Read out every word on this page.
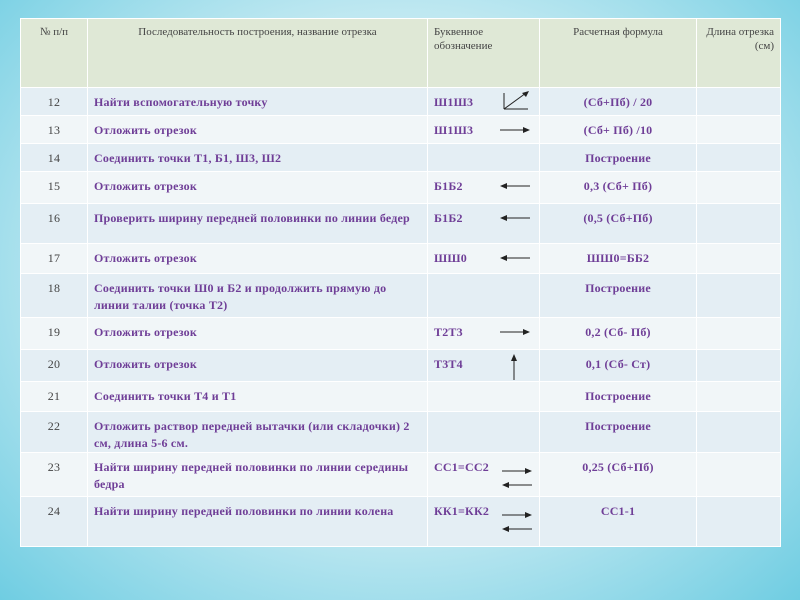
№ п/п	Последовательность построения, название отрезка	Буквенное обозначение	Расчетная формула	Длина отрезка (см)
12	Найти вспомогательную точку	Ш1Ш3	(Сб+Пб) / 20	
13	Отложить отрезок	Ш1Ш3	(Сб+ Пб) /10	
14	Соединить точки Т1, Б1, Ш3, Ш2		Построение	
15	Отложить отрезок	Б1Б2	0,3 (Сб+ Пб)	
16	Проверить ширину передней половинки по линии бедер	Б1Б2	(0,5 (Сб+Пб)	
17	Отложить отрезок	ШШ0	ШШ0=ББ2	
18	Соединить точки Ш0 и Б2 и продолжить прямую до линии талии (точка Т2)		Построение	
19	Отложить отрезок	Т2Т3	0,2 (Сб- Пб)	
20	Отложить отрезок	Т3Т4	0,1 (Сб- Ст)	
21	Соединить точки Т4 и Т1		Построение	
22	Отложить раствор передней вытачки (или складочки) 2 см, длина 5-6 см.		Построение	
23	Найти ширину передней половинки по линии середины бедра	СС1=СС2	0,25 (Сб+Пб)	
24	Найти ширину передней половинки по линии колена	КК1=КК2	СС1-1	
